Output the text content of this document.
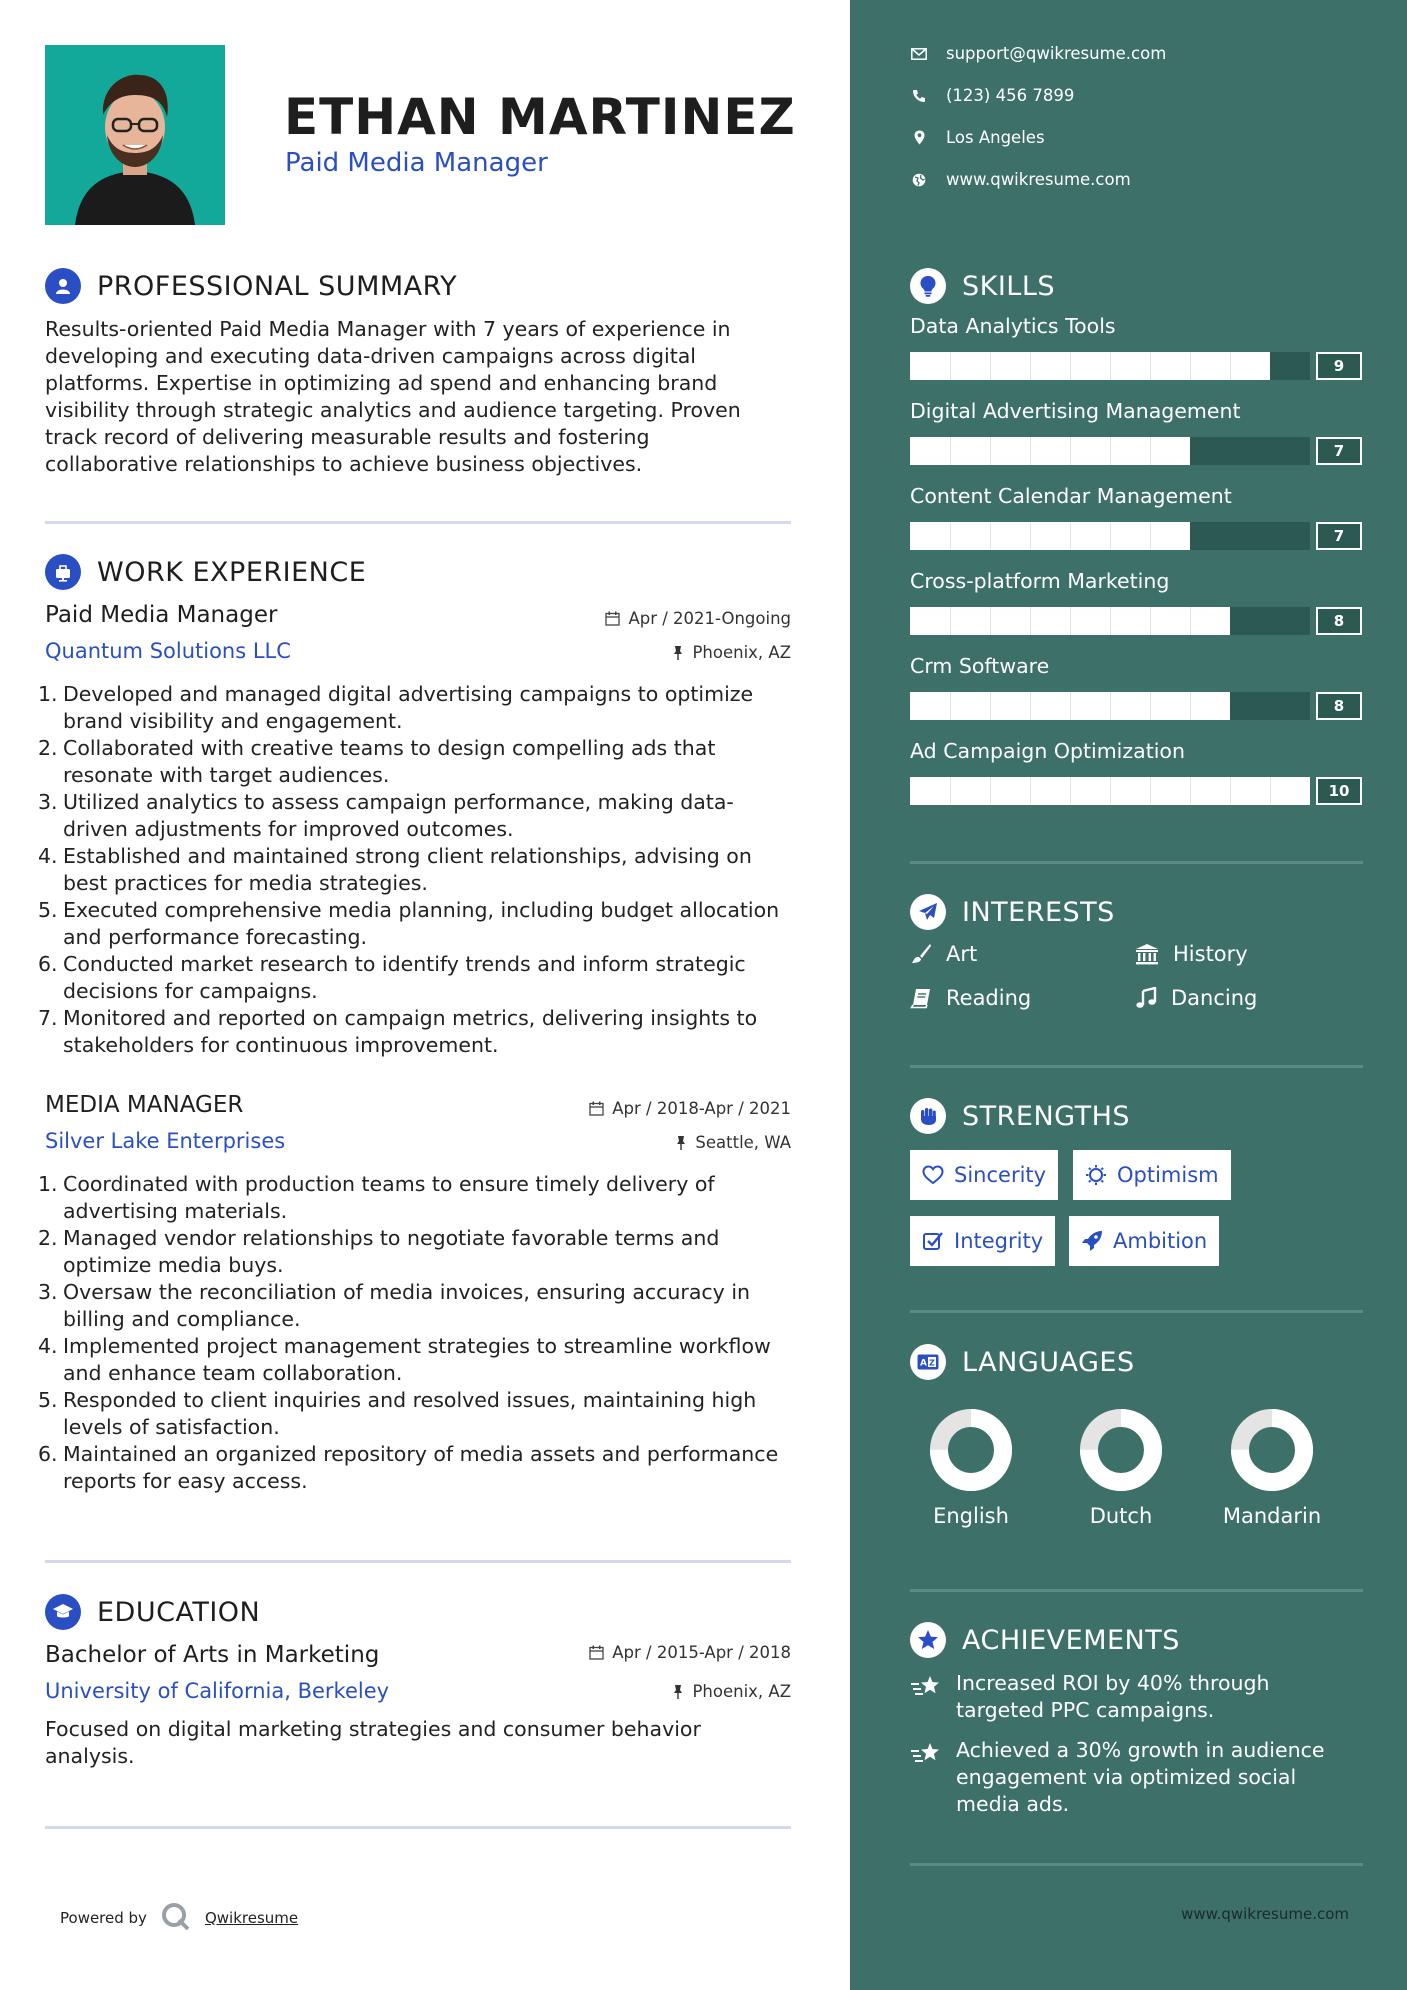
ETHAN MARTINEZ
Paid Media Manager
PROFESSIONAL SUMMARY
Results-oriented Paid Media Manager with 7 years of experience in developing and executing data-driven campaigns across digital platforms. Expertise in optimizing ad spend and enhancing brand visibility through strategic analytics and audience targeting. Proven track record of delivering measurable results and fostering collaborative relationships to achieve business objectives.
WORK EXPERIENCE
Paid Media Manager	Apr / 2021-Ongoing
Quantum Solutions LLC	Phoenix, AZ
1. Developed and managed digital advertising campaigns to optimize brand visibility and engagement.
2. Collaborated with creative teams to design compelling ads that resonate with target audiences.
3. Utilized analytics to assess campaign performance, making data-driven adjustments for improved outcomes.
4. Established and maintained strong client relationships, advising on best practices for media strategies.
5. Executed comprehensive media planning, including budget allocation and performance forecasting.
6. Conducted market research to identify trends and inform strategic decisions for campaigns.
7. Monitored and reported on campaign metrics, delivering insights to stakeholders for continuous improvement.
MEDIA MANAGER	Apr / 2018-Apr / 2021
Silver Lake Enterprises	Seattle, WA
1. Coordinated with production teams to ensure timely delivery of advertising materials.
2. Managed vendor relationships to negotiate favorable terms and optimize media buys.
3. Oversaw the reconciliation of media invoices, ensuring accuracy in billing and compliance.
4. Implemented project management strategies to streamline workflow and enhance team collaboration.
5. Responded to client inquiries and resolved issues, maintaining high levels of satisfaction.
6. Maintained an organized repository of media assets and performance reports for easy access.
EDUCATION
Bachelor of Arts in Marketing	Apr / 2015-Apr / 2018
University of California, Berkeley	Phoenix, AZ
Focused on digital marketing strategies and consumer behavior analysis.
Powered by	Qwikresume
support@qwikresume.com
(123) 456 7899
Los Angeles
www.qwikresume.com
SKILLS
Data Analytics Tools
9
Digital Advertising Management
7
Content Calendar Management
7
Cross-platform Marketing
8
Crm Software
8
Ad Campaign Optimization
10
INTERESTS
Art	History
Reading	Dancing
STRENGTHS
Sincerity	Optimism
Integrity	Ambition
A Z LANGUAGES
English	Dutch	Mandarin
ACHIEVEMENTS
Increased ROI by 40% through targeted PPC campaigns.
Achieved a 30% growth in audience engagement via optimized social media ads.
www.qwikresume.com
